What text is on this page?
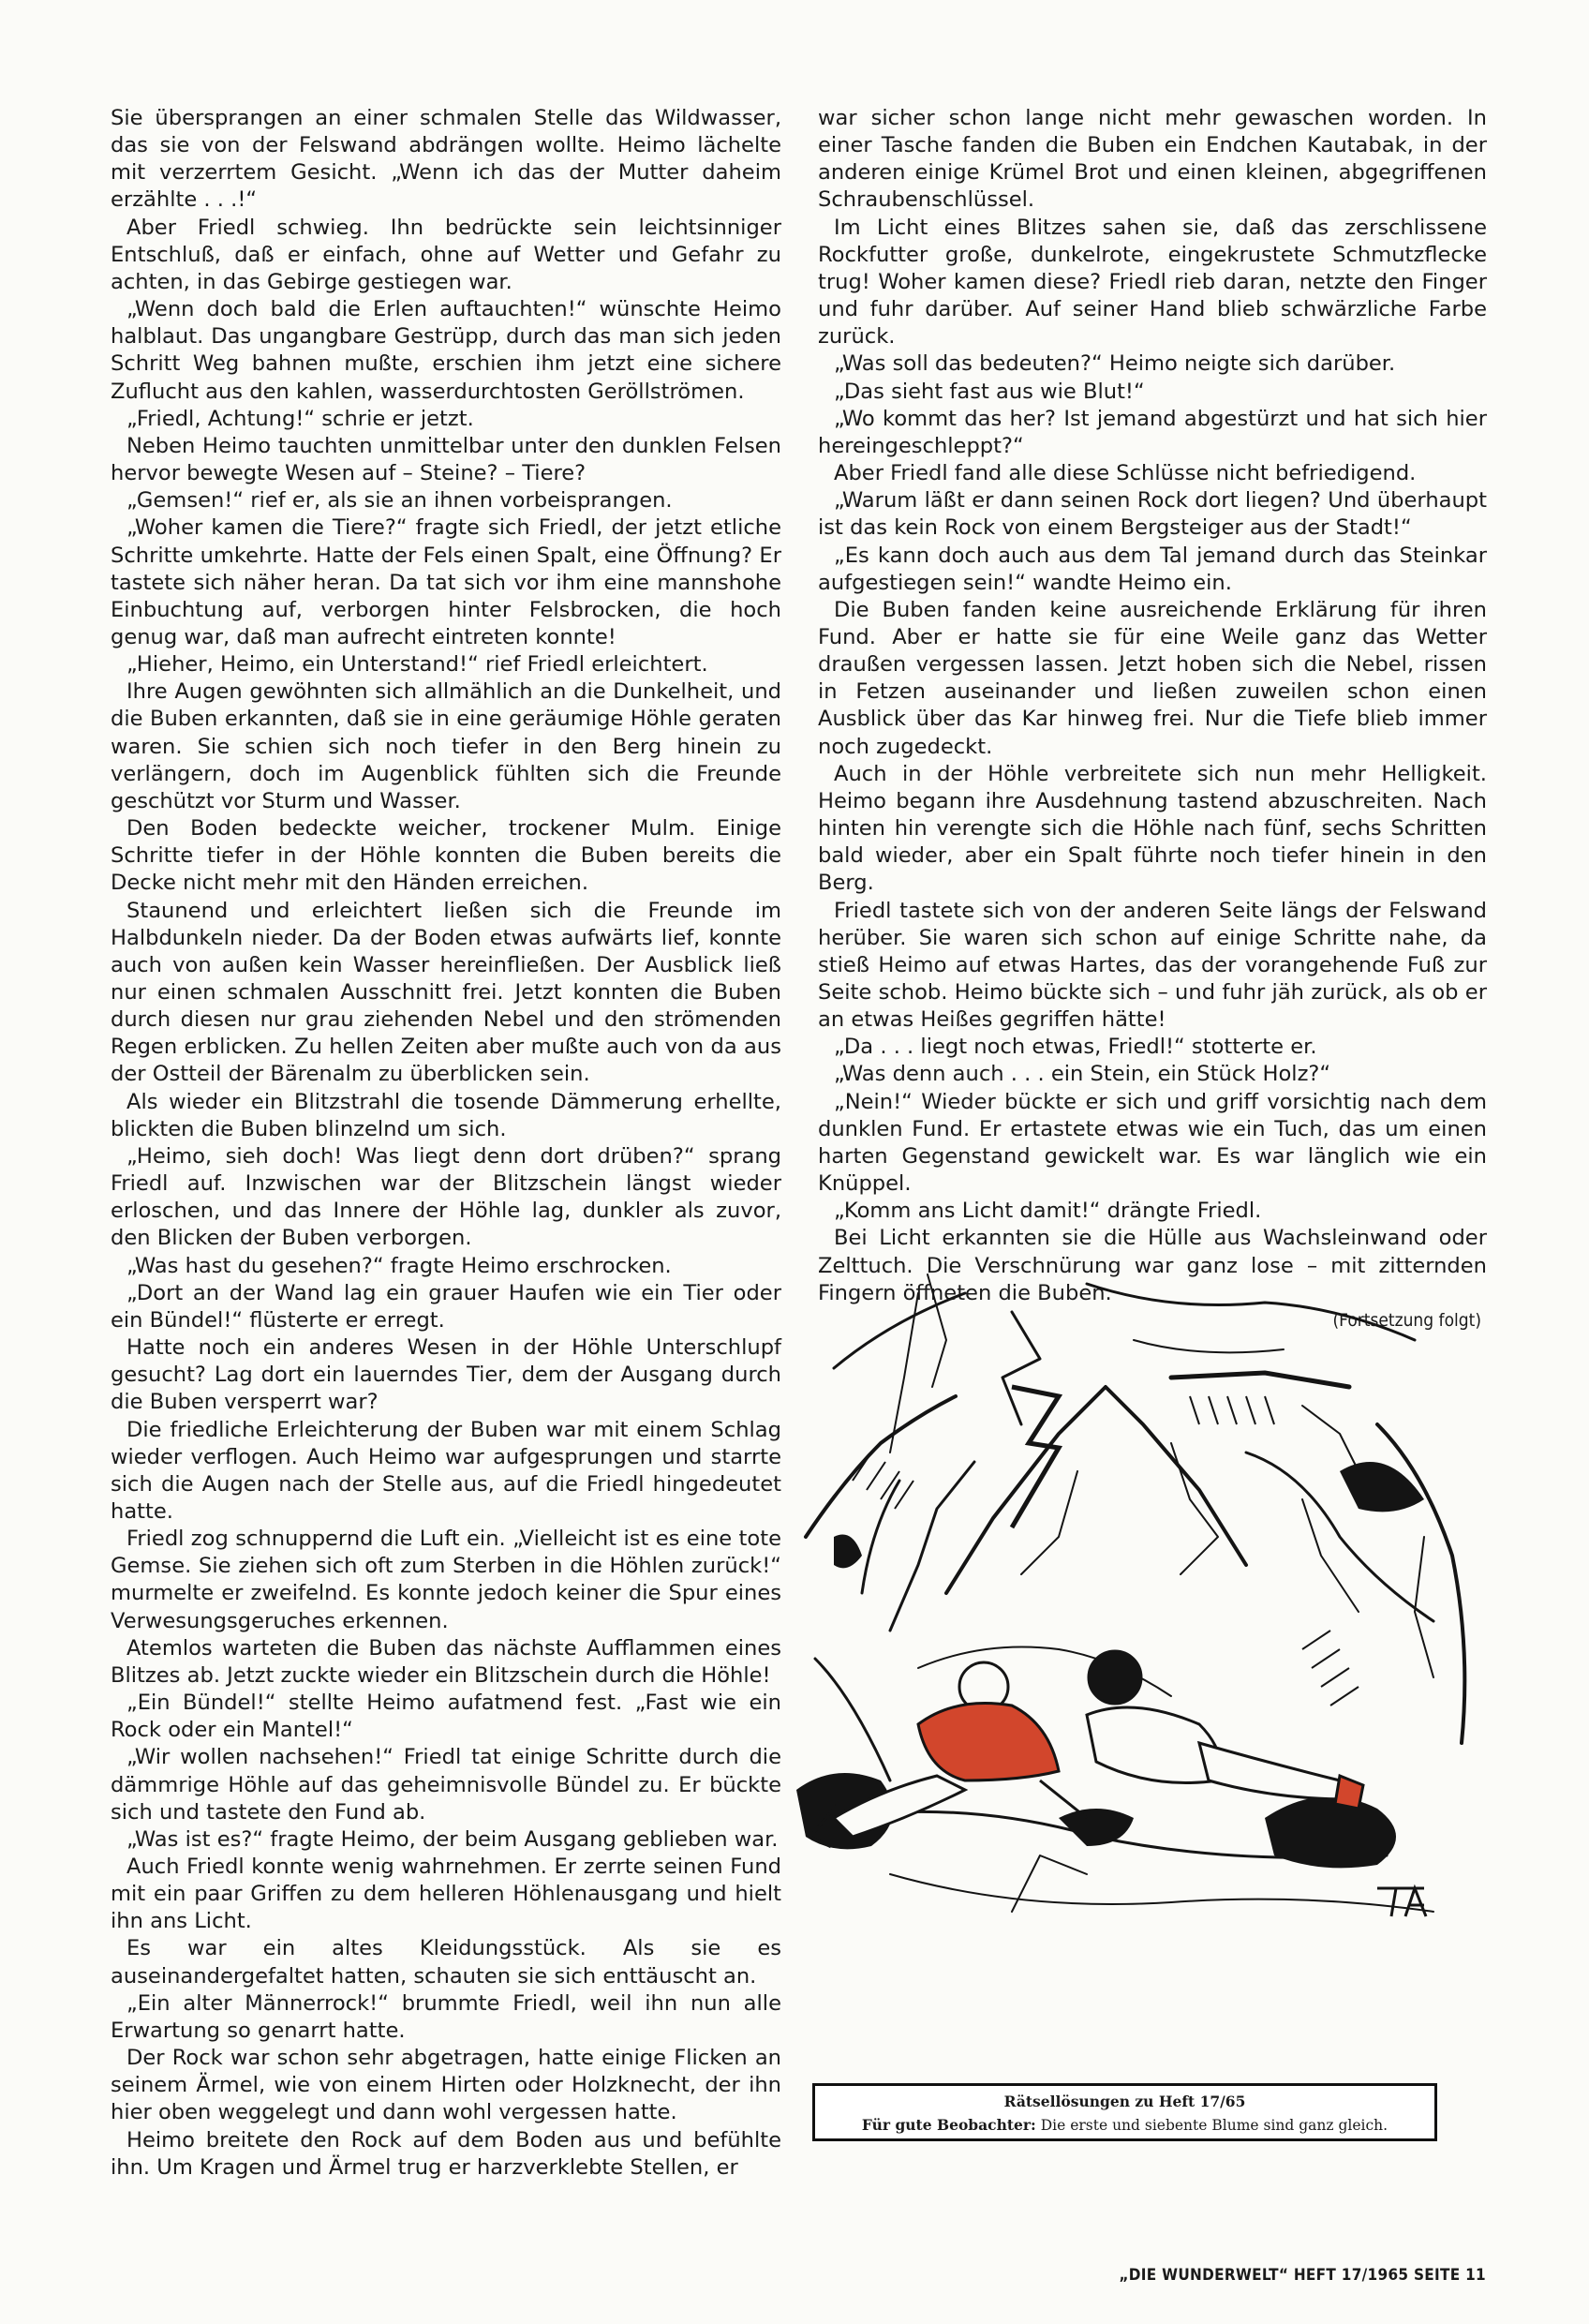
Sie übersprangen an einer schmalen Stelle das Wildwasser, das sie von der Felswand abdrängen wollte. Heimo lächelte mit verzerrtem Gesicht. „Wenn ich das der Mutter daheim erzählte . . .!“

Aber Friedl schwieg. Ihn bedrückte sein leichtsinniger Entschluß, daß er einfach, ohne auf Wetter und Gefahr zu achten, in das Gebirge gestiegen war.

„Wenn doch bald die Erlen auftauchten!“ wünschte Heimo halblaut. Das ungangbare Gestrüpp, durch das man sich jeden Schritt Weg bahnen mußte, erschien ihm jetzt eine sichere Zuflucht aus den kahlen, wasserdurchtosten Geröllströmen.

„Friedl, Achtung!“ schrie er jetzt.

Neben Heimo tauchten unmittelbar unter den dunklen Felsen hervor bewegte Wesen auf – Steine? – Tiere?

„Gemsen!“ rief er, als sie an ihnen vorbeisprangen.

„Woher kamen die Tiere?“ fragte sich Friedl, der jetzt etliche Schritte umkehrte. Hatte der Fels einen Spalt, eine Öffnung? Er tastete sich näher heran. Da tat sich vor ihm eine mannshohe Einbuchtung auf, verborgen hinter Felsbrocken, die hoch genug war, daß man aufrecht eintreten konnte!

„Hieher, Heimo, ein Unterstand!“ rief Friedl erleichtert.

Ihre Augen gewöhnten sich allmählich an die Dunkelheit, und die Buben erkannten, daß sie in eine geräumige Höhle geraten waren. Sie schien sich noch tiefer in den Berg hinein zu verlängern, doch im Augenblick fühlten sich die Freunde geschützt vor Sturm und Wasser.

Den Boden bedeckte weicher, trockener Mulm. Einige Schritte tiefer in der Höhle konnten die Buben bereits die Decke nicht mehr mit den Händen erreichen.

Staunend und erleichtert ließen sich die Freunde im Halbdunkeln nieder. Da der Boden etwas aufwärts lief, konnte auch von außen kein Wasser hereinfließen. Der Ausblick ließ nur einen schmalen Ausschnitt frei. Jetzt konnten die Buben durch diesen nur grau ziehenden Nebel und den strömenden Regen erblicken. Zu hellen Zeiten aber mußte auch von da aus der Ostteil der Bärenalm zu überblicken sein.

Als wieder ein Blitzstrahl die tosende Dämmerung erhellte, blickten die Buben blinzelnd um sich.

„Heimo, sieh doch! Was liegt denn dort drüben?“ sprang Friedl auf. Inzwischen war der Blitzschein längst wieder erloschen, und das Innere der Höhle lag, dunkler als zuvor, den Blicken der Buben verborgen.

„Was hast du gesehen?“ fragte Heimo erschrocken.

„Dort an der Wand lag ein grauer Haufen wie ein Tier oder ein Bündel!“ flüsterte er erregt.

Hatte noch ein anderes Wesen in der Höhle Unterschlupf gesucht? Lag dort ein lauerndes Tier, dem der Ausgang durch die Buben versperrt war?

Die friedliche Erleichterung der Buben war mit einem Schlag wieder verflogen. Auch Heimo war aufgesprungen und starrte sich die Augen nach der Stelle aus, auf die Friedl hingedeutet hatte.

Friedl zog schnuppernd die Luft ein. „Vielleicht ist es eine tote Gemse. Sie ziehen sich oft zum Sterben in die Höhlen zurück!“ murmelte er zweifelnd. Es konnte jedoch keiner die Spur eines Verwesungsgeruches erkennen.

Atemlos warteten die Buben das nächste Aufflammen eines Blitzes ab. Jetzt zuckte wieder ein Blitzschein durch die Höhle!

„Ein Bündel!“ stellte Heimo aufatmend fest. „Fast wie ein Rock oder ein Mantel!“

„Wir wollen nachsehen!“ Friedl tat einige Schritte durch die dämmrige Höhle auf das geheimnisvolle Bündel zu. Er bückte sich und tastete den Fund ab.

„Was ist es?“ fragte Heimo, der beim Ausgang geblieben war.

Auch Friedl konnte wenig wahrnehmen. Er zerrte seinen Fund mit ein paar Griffen zu dem helleren Höhlenausgang und hielt ihn ans Licht.

Es war ein altes Kleidungsstück. Als sie es auseinandergefaltet hatten, schauten sie sich enttäuscht an.

„Ein alter Männerrock!“ brummte Friedl, weil ihn nun alle Erwartung so genarrt hatte.

Der Rock war schon sehr abgetragen, hatte einige Flicken an seinem Ärmel, wie von einem Hirten oder Holzknecht, der ihn hier oben weggelegt und dann wohl vergessen hatte.

Heimo breitete den Rock auf dem Boden aus und befühlte ihn. Um Kragen und Ärmel trug er harzverklebte Stellen, er

war sicher schon lange nicht mehr gewaschen worden. In einer Tasche fanden die Buben ein Endchen Kautabak, in der anderen einige Krümel Brot und einen kleinen, abgegriffenen Schraubenschlüssel.

Im Licht eines Blitzes sahen sie, daß das zerschlissene Rockfutter große, dunkelrote, eingekrustete Schmutzflecke trug! Woher kamen diese? Friedl rieb daran, netzte den Finger und fuhr darüber. Auf seiner Hand blieb schwärzliche Farbe zurück.

„Was soll das bedeuten?“ Heimo neigte sich darüber.

„Das sieht fast aus wie Blut!“

„Wo kommt das her? Ist jemand abgestürzt und hat sich hier hereingeschleppt?“

Aber Friedl fand alle diese Schlüsse nicht befriedigend.

„Warum läßt er dann seinen Rock dort liegen? Und überhaupt ist das kein Rock von einem Bergsteiger aus der Stadt!“

„Es kann doch auch aus dem Tal jemand durch das Steinkar aufgestiegen sein!“ wandte Heimo ein.

Die Buben fanden keine ausreichende Erklärung für ihren Fund. Aber er hatte sie für eine Weile ganz das Wetter draußen vergessen lassen. Jetzt hoben sich die Nebel, rissen in Fetzen auseinander und ließen zuweilen schon einen Ausblick über das Kar hinweg frei. Nur die Tiefe blieb immer noch zugedeckt.

Auch in der Höhle verbreitete sich nun mehr Helligkeit. Heimo begann ihre Ausdehnung tastend abzuschreiten. Nach hinten hin verengte sich die Höhle nach fünf, sechs Schritten bald wieder, aber ein Spalt führte noch tiefer hinein in den Berg.

Friedl tastete sich von der anderen Seite längs der Felswand herüber. Sie waren sich schon auf einige Schritte nahe, da stieß Heimo auf etwas Hartes, das der vorangehende Fuß zur Seite schob. Heimo bückte sich – und fuhr jäh zurück, als ob er an etwas Heißes gegriffen hätte!

„Da . . . liegt noch etwas, Friedl!“ stotterte er.

„Was denn auch . . . ein Stein, ein Stück Holz?“

„Nein!“ Wieder bückte er sich und griff vorsichtig nach dem dunklen Fund. Er ertastete etwas wie ein Tuch, das um einen harten Gegenstand gewickelt war. Es war länglich wie ein Knüppel.

„Komm ans Licht damit!“ drängte Friedl.

Bei Licht erkannten sie die Hülle aus Wachsleinwand oder Zelttuch. Die Verschnürung war ganz lose – mit zitternden Fingern öffneten die Buben.

(Fortsetzung folgt)
Rätsellösungen zu Heft 17/65
Für gute Beobachter: Die erste und siebente Blume sind ganz gleich.
„DIE WUNDERWELT“ HEFT 17/1965 SEITE 11
